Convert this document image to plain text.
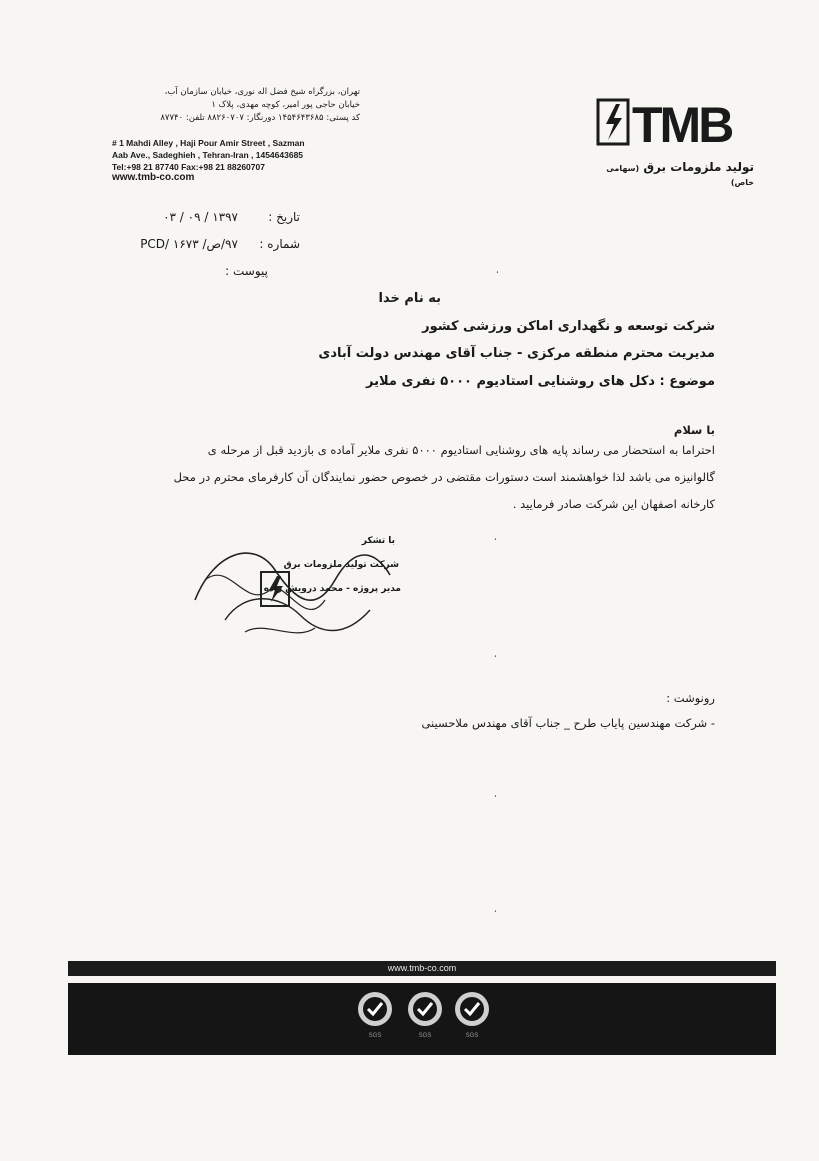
تهران، بزرگراه شیخ فضل اله نوری، خیابان سازمان آب،
خیابان حاجی پور امیر، کوچه مهدی، پلاک ۱
کد پستی: ۱۴۵۴۶۴۳۶۸۵ دورنگار: ۸۸۲۶۰۷۰۷ تلفن: ۸۷۷۴۰
# 1 Mahdi Alley , Haji Pour Amir Street , Sazman
Aab Ave., Sadeghieh , Tehran-Iran , 1454643685
Tel:+98 21 87740 Fax:+98 21 88260707
www.tmb-co.com
TMB
تولید ملزومات برق (سهامی خاص)
تاریخ :
۱۳۹۷ / ۰۹ / ۰۳
شماره :
۹۷/ص/ PCD/ ۱۶۷۳
پیوست :
به نام خدا
شرکت توسعه و نگهداری اماکن ورزشی کشور
مدیریت محترم منطقه مرکزی - جناب آقای مهندس دولت آبادی
موضوع : دکل های روشنایی استادیوم ۵۰۰۰ نفری ملایر
با سلام
احتراما به استحضار می رساند پایه های روشنایی استادیوم ۵۰۰۰ نفری ملایر آماده ی بازدید قبل از مرحله ی
گالوانیزه می باشد لذا خواهشمند است دستورات مقتضی در خصوص حضور نمایندگان آن کارفرمای محترم در محل
کارخانه اصفهان این شرکت صادر فرمایید .
با تشکر
شرکت تولید ملزومات برق
مدیر پروژه - محمد درویش زاده
رونوشت :
- شرکت مهندسین پایاب طرح _ جناب آقای مهندس ملاحسینی
،
،
،
،
،
www.tmb-co.com
SGS	SGS	SGS
